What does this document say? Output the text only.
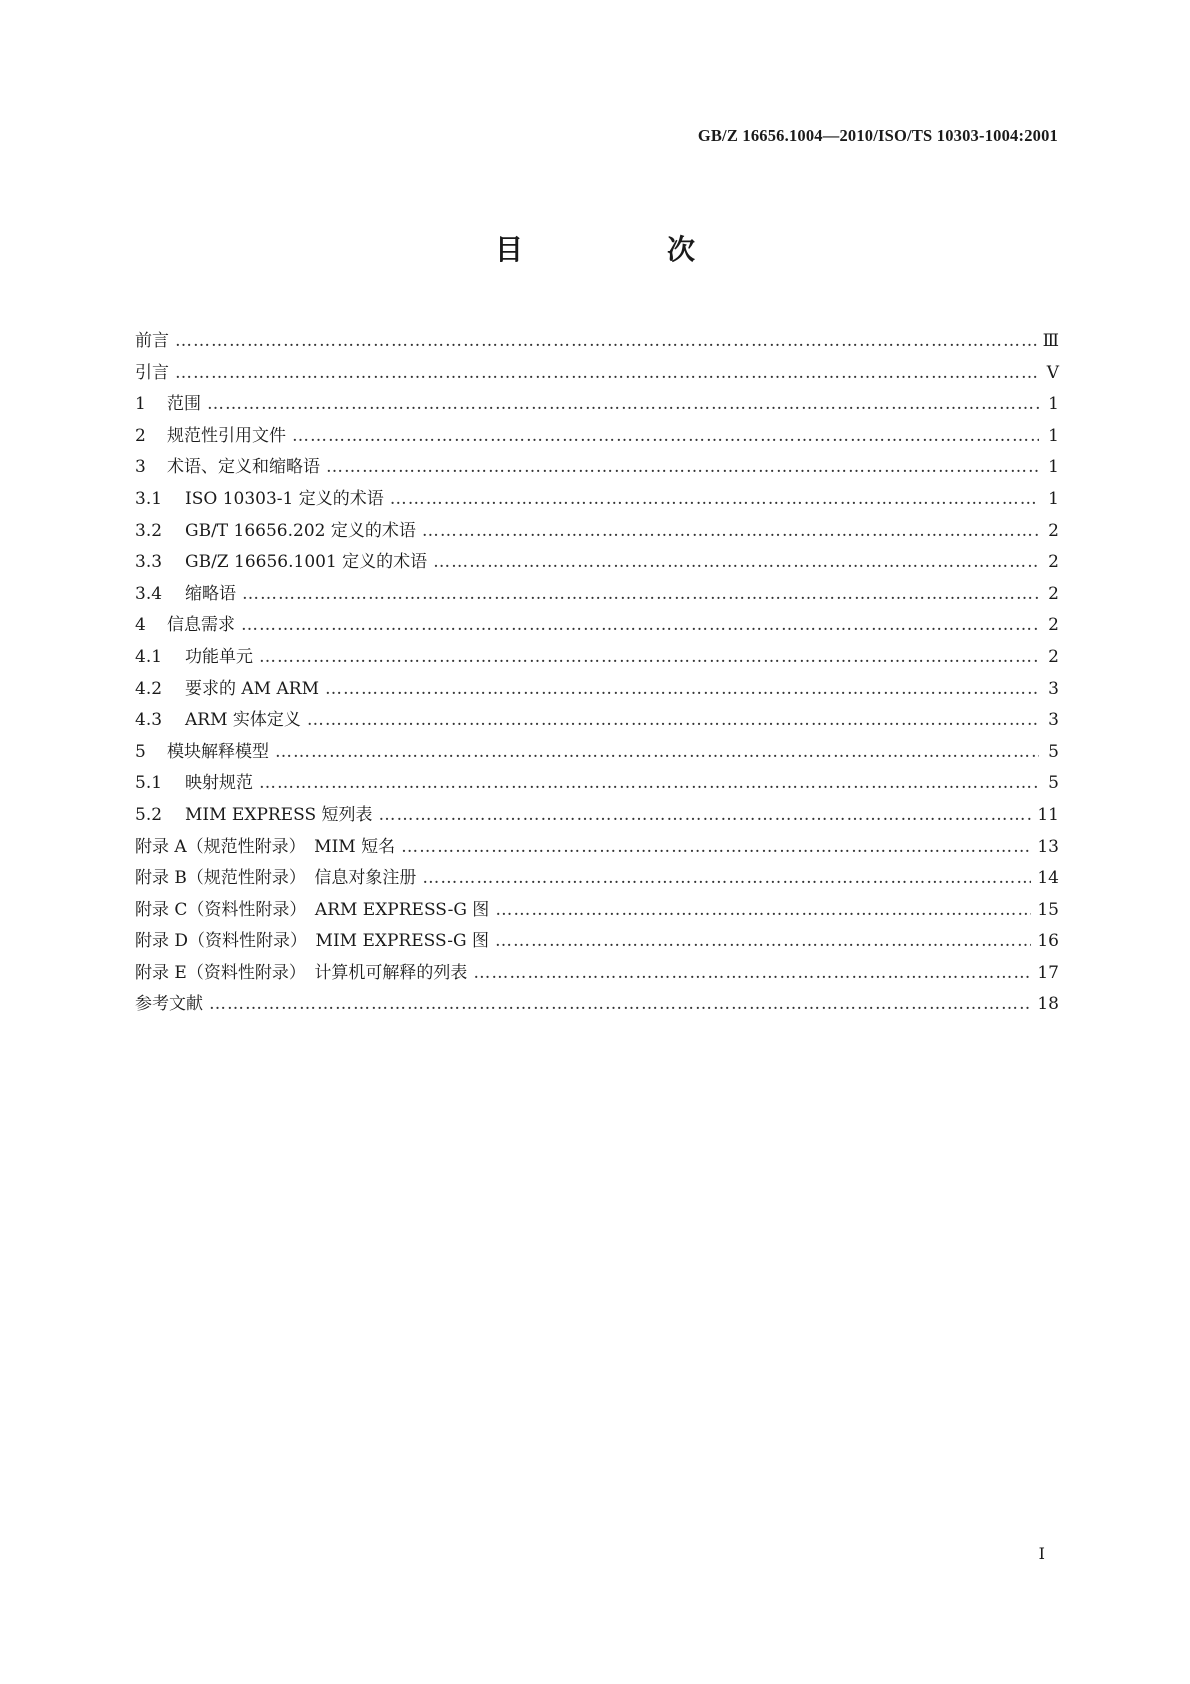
GB/Z 16656.1004—2010/ISO/TS 10303-1004:2001
目　次
前言 …………………………………………………………………………………………………………………………………………………………………………………………………………	Ⅲ
引言 …………………………………………………………………………………………………………………………………………………………………………………………………………	Ⅴ
1	范围 …………………………………………………………………………………………………………………………………………………………………………………………………………	1
2	规范性引用文件 …………………………………………………………………………………………………………………………………………………………………………………………………………	1
3	术语、定义和缩略语 …………………………………………………………………………………………………………………………………………………………………………………………………………	1
3.1	ISO 10303-1 定义的术语 …………………………………………………………………………………………………………………………………………………………………………………………………………	1
3.2	GB/T 16656.202 定义的术语 …………………………………………………………………………………………………………………………………………………………………………………………………………	2
3.3	GB/Z 16656.1001 定义的术语 …………………………………………………………………………………………………………………………………………………………………………………………………………	2
3.4	缩略语 …………………………………………………………………………………………………………………………………………………………………………………………………………	2
4	信息需求 …………………………………………………………………………………………………………………………………………………………………………………………………………	2
4.1	功能单元 …………………………………………………………………………………………………………………………………………………………………………………………………………	2
4.2	要求的 AM ARM …………………………………………………………………………………………………………………………………………………………………………………………………………	3
4.3	ARM 实体定义 …………………………………………………………………………………………………………………………………………………………………………………………………………	3
5	模块解释模型 …………………………………………………………………………………………………………………………………………………………………………………………………………	5
5.1	映射规范 …………………………………………………………………………………………………………………………………………………………………………………………………………	5
5.2	MIM EXPRESS 短列表 …………………………………………………………………………………………………………………………………………………………………………………………………………	11
附录 A（规范性附录）　MIM 短名 …………………………………………………………………………………………………………………………………………………………………………………………………………	13
附录 B（规范性附录）　信息对象注册 …………………………………………………………………………………………………………………………………………………………………………………………………………	14
附录 C（资料性附录）　ARM EXPRESS-G 图 …………………………………………………………………………………………………………………………………………………………………………………………………………	15
附录 D（资料性附录）　MIM EXPRESS-G 图 …………………………………………………………………………………………………………………………………………………………………………………………………………	16
附录 E（资料性附录）　计算机可解释的列表 …………………………………………………………………………………………………………………………………………………………………………………………………………	17
参考文献 …………………………………………………………………………………………………………………………………………………………………………………………………………	18
Ⅰ
